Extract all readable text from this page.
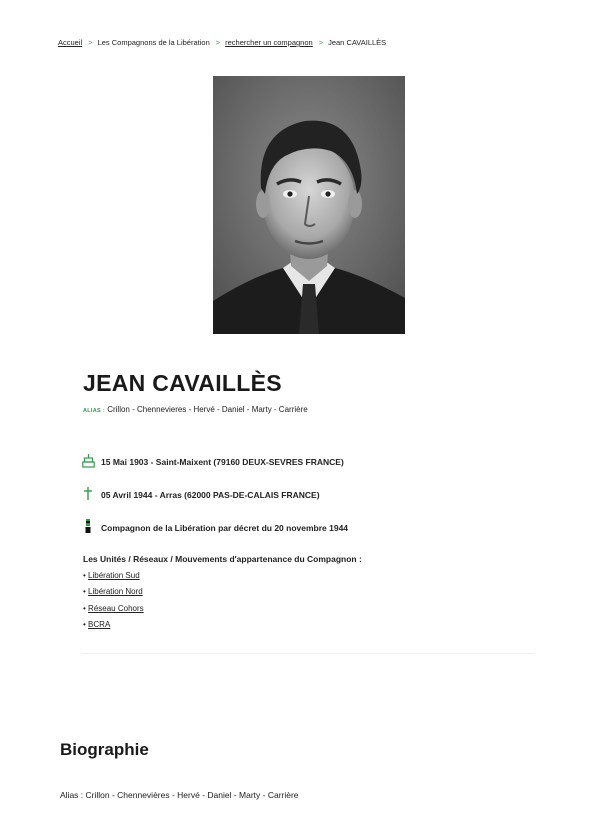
Accueil > Les Compagnons de la Libération > rechercher un compagnon > Jean CAVAILLÈS
JEAN CAVAILLÈS
ALIAS : Crillon - Chennevieres - Hervé - Daniel - Marty - Carrière
15 Mai 1903 - Saint-Maixent (79160 DEUX-SEVRES FRANCE)
05 Avril 1944 - Arras (62000 PAS-DE-CALAIS FRANCE)
Compagnon de la Libération par décret du 20 novembre 1944
Les Unités / Réseaux / Mouvements d'appartenance du Compagnon :
• Libération Sud
• Libération Nord
• Réseau Cohors
• BCRA
Biographie
Alias : Crillon - Chennevières - Hervé - Daniel - Marty - Carrière
